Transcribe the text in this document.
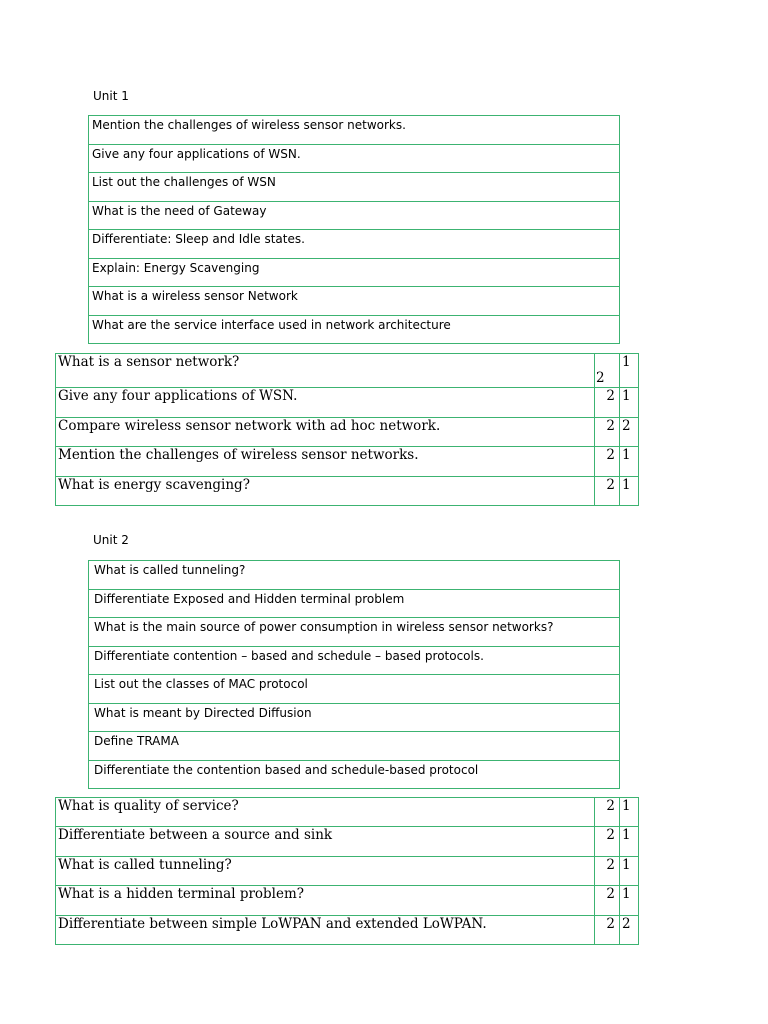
Unit 1
Mention the challenges of wireless sensor networks.
Give any four applications of WSN.
List out the challenges of WSN
What is the need of Gateway
Differentiate: Sleep and Idle states.
Explain: Energy Scavenging
What is a wireless sensor Network
What are the service interface used in network architecture
What is a sensor network?	2	1
Give any four applications of WSN.	2	1
Compare wireless sensor network with ad hoc network.	2	2
Mention the challenges of wireless sensor networks.	2	1
What is energy scavenging?	2	1
Unit 2
What is called tunneling?
Differentiate Exposed and Hidden terminal problem
What is the main source of power consumption in wireless sensor networks?
Differentiate contention – based and schedule – based protocols.
List out the classes of MAC protocol
What is meant by Directed Diffusion
Define TRAMA
Differentiate the contention based and schedule-based protocol
What is quality of service?	2	1
Differentiate between a source and sink	2	1
What is called tunneling?	2	1
What is a hidden terminal problem?	2	1
Differentiate between simple LoWPAN and extended LoWPAN.	2	2
